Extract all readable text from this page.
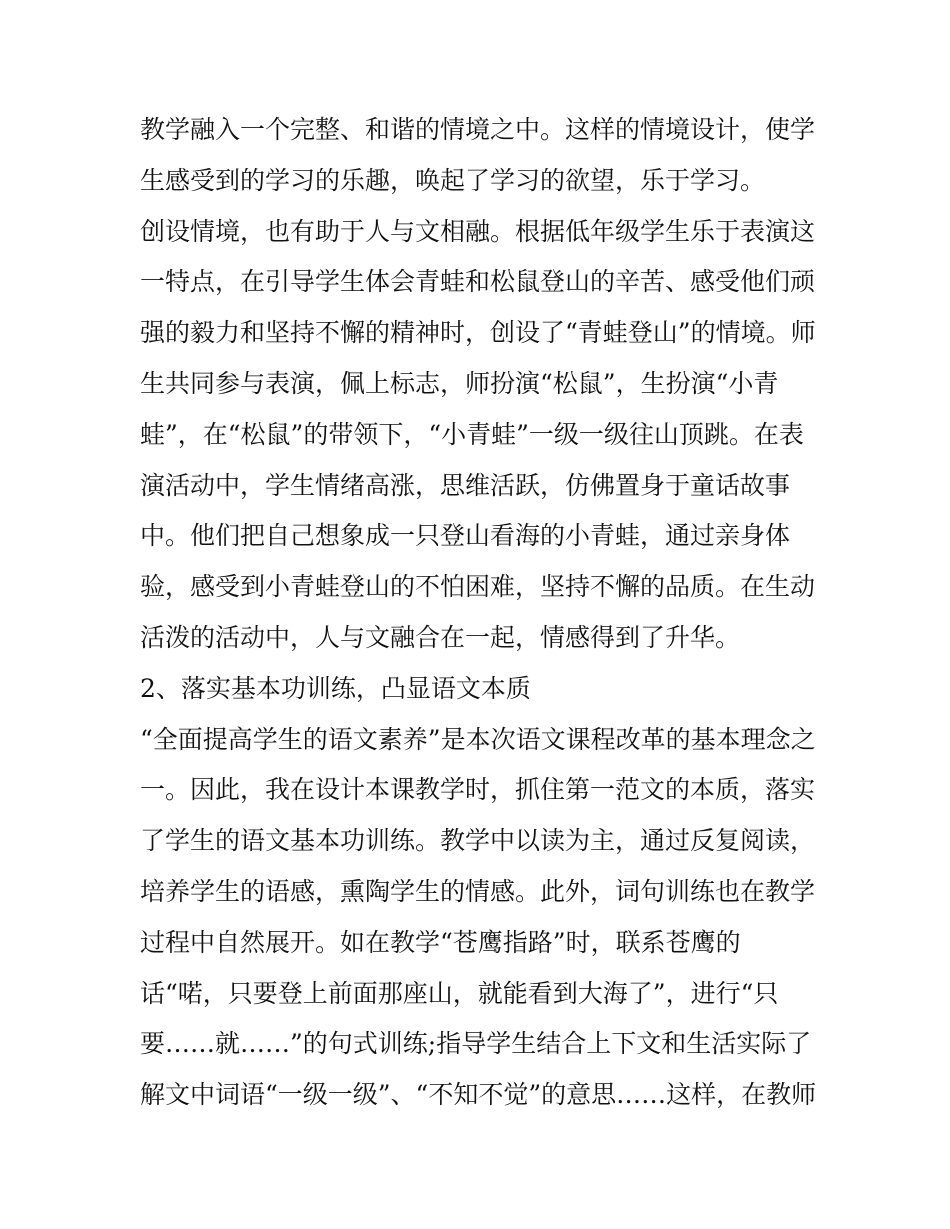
教学融入一个完整、和谐的情境之中。这样的情境设计，使学
生感受到的学习的乐趣，唤起了学习的欲望，乐于学习。
创设情境，也有助于人与文相融。根据低年级学生乐于表演这
一特点，在引导学生体会青蛙和松鼠登山的辛苦、感受他们顽
强的毅力和坚持不懈的精神时，创设了“青蛙登山”的情境。师
生共同参与表演，佩上标志，师扮演“松鼠”，生扮演“小青
蛙”，在“松鼠”的带领下，“小青蛙”一级一级往山顶跳。在表
演活动中，学生情绪高涨，思维活跃，仿佛置身于童话故事
中。他们把自己想象成一只登山看海的小青蛙，通过亲身体
验，感受到小青蛙登山的不怕困难，坚持不懈的品质。在生动
活泼的活动中，人与文融合在一起，情感得到了升华。
2、落实基本功训练，凸显语文本质
“全面提高学生的语文素养”是本次语文课程改革的基本理念之
一。因此，我在设计本课教学时，抓住第一范文的本质，落实
了学生的语文基本功训练。教学中以读为主，通过反复阅读，
培养学生的语感，熏陶学生的情感。此外，词句训练也在教学
过程中自然展开。如在教学“苍鹰指路”时，联系苍鹰的
话“喏，只要登上前面那座山，就能看到大海了”，进行“只
要……就……”的句式训练;指导学生结合上下文和生活实际了
解文中词语“一级一级”、“不知不觉”的意思……这样，在教师
